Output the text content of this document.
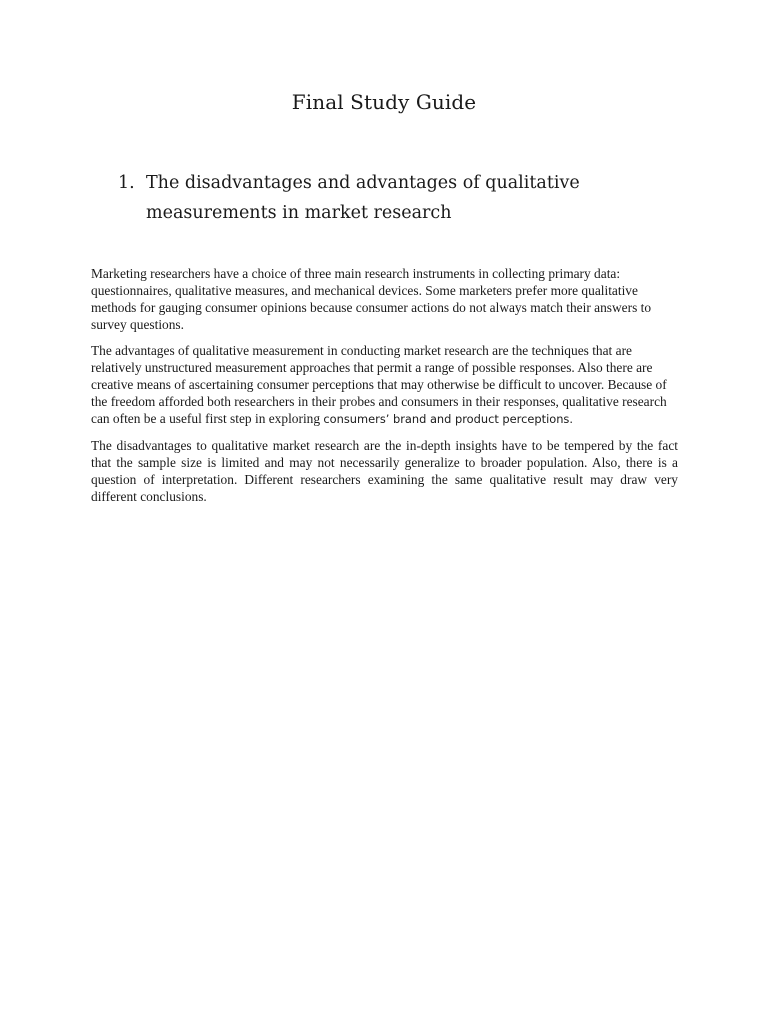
Final Study Guide
1. The disadvantages and advantages of qualitative measurements in market research

Marketing researchers have a choice of three main research instruments in collecting primary data: questionnaires, qualitative measures, and mechanical devices. Some marketers prefer more qualitative methods for gauging consumer opinions because consumer actions do not always match their answers to survey questions.

The advantages of qualitative measurement in conducting market research are the techniques that are relatively unstructured measurement approaches that permit a range of possible responses. Also there are creative means of ascertaining consumer perceptions that may otherwise be difficult to uncover. Because of the freedom afforded both researchers in their probes and consumers in their responses, qualitative research can often be a useful first step in exploring consumers’ brand and product perceptions.

The disadvantages to qualitative market research are the in-depth insights have to be tempered by the fact that the sample size is limited and may not necessarily generalize to broader population. Also, there is a question of interpretation. Different researchers examining the same qualitative result may draw very different conclusions.
